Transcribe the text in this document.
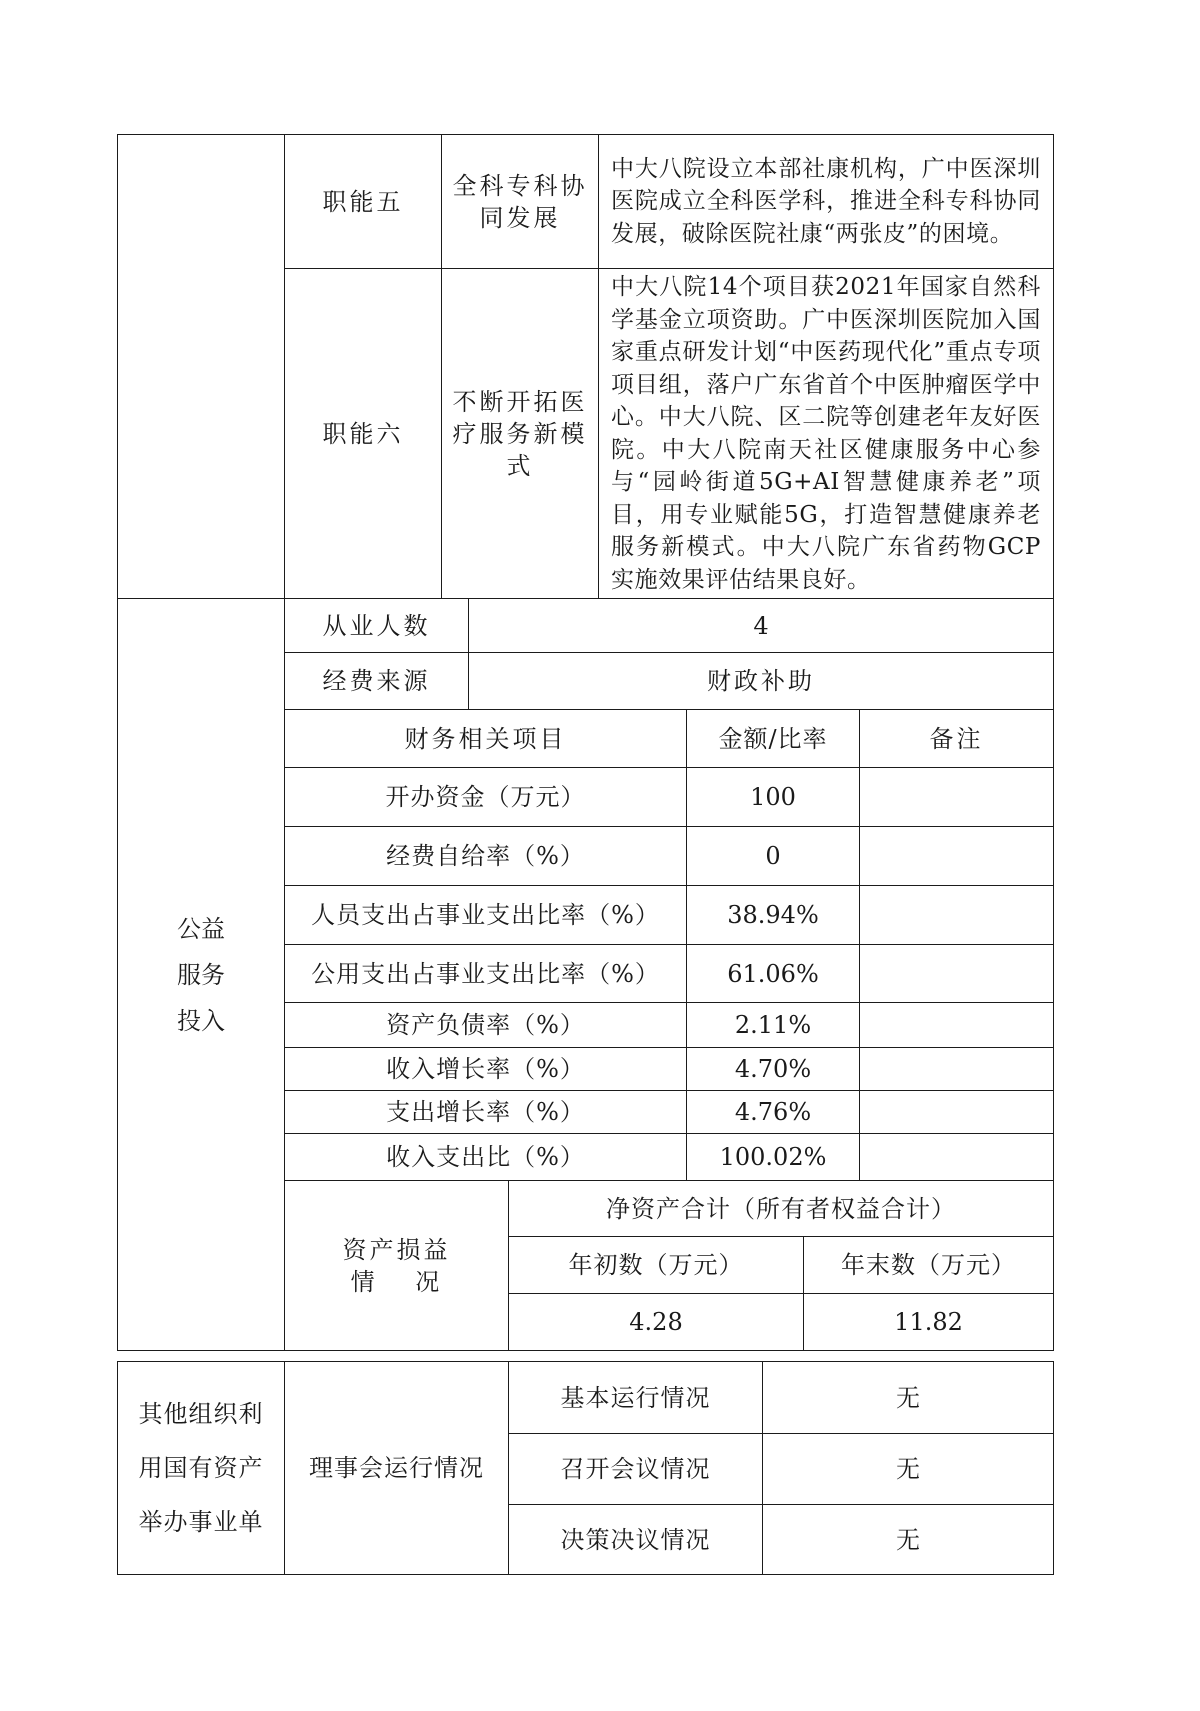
	职能五	全科专科协同发展	中大八院设立本部社康机构，广中医深圳医院成立全科医学科，推进全科专科协同发展，破除医院社康“两张皮”的困境。
	职能六	不断开拓医疗服务新模式	中大八院14个项目获2021年国家自然科学基金立项资助。广中医深圳医院加入国家重点研发计划“中医药现代化”重点专项项目组，落户广东省首个中医肿瘤医学中心。中大八院、区二院等创建老年友好医院。中大八院南天社区健康服务中心参与“园岭街道5G+AI智慧健康养老”项目，用专业赋能5G，打造智慧健康养老服务新模式。中大八院广东省药物GCP实施效果评估结果良好。
公益
服务
投入	从业人数	4				
	经费来源	财政补助				
	财务相关项目			金额/比率		备注
	开办资金（万元）			100		
	经费自给率（%）			0		
	人员支出占事业支出比率（%）			38.94%		
	公用支出占事业支出比率（%）			61.06%		
	资产负债率（%）			2.11%		
	收入增长率（%）			4.70%		
	支出增长率（%）			4.76%		
	收入支出比（%）			100.02%		

	资产损益
情　 况		净资产合计（所有者权益合计）			
			年初数（万元）		年末数（万元）	
			4.28		11.82	
其他组织利
用国有资产
举办事业单	理事会运行情况	基本运行情况	无
		召开会议情况	无
		决策决议情况	无
